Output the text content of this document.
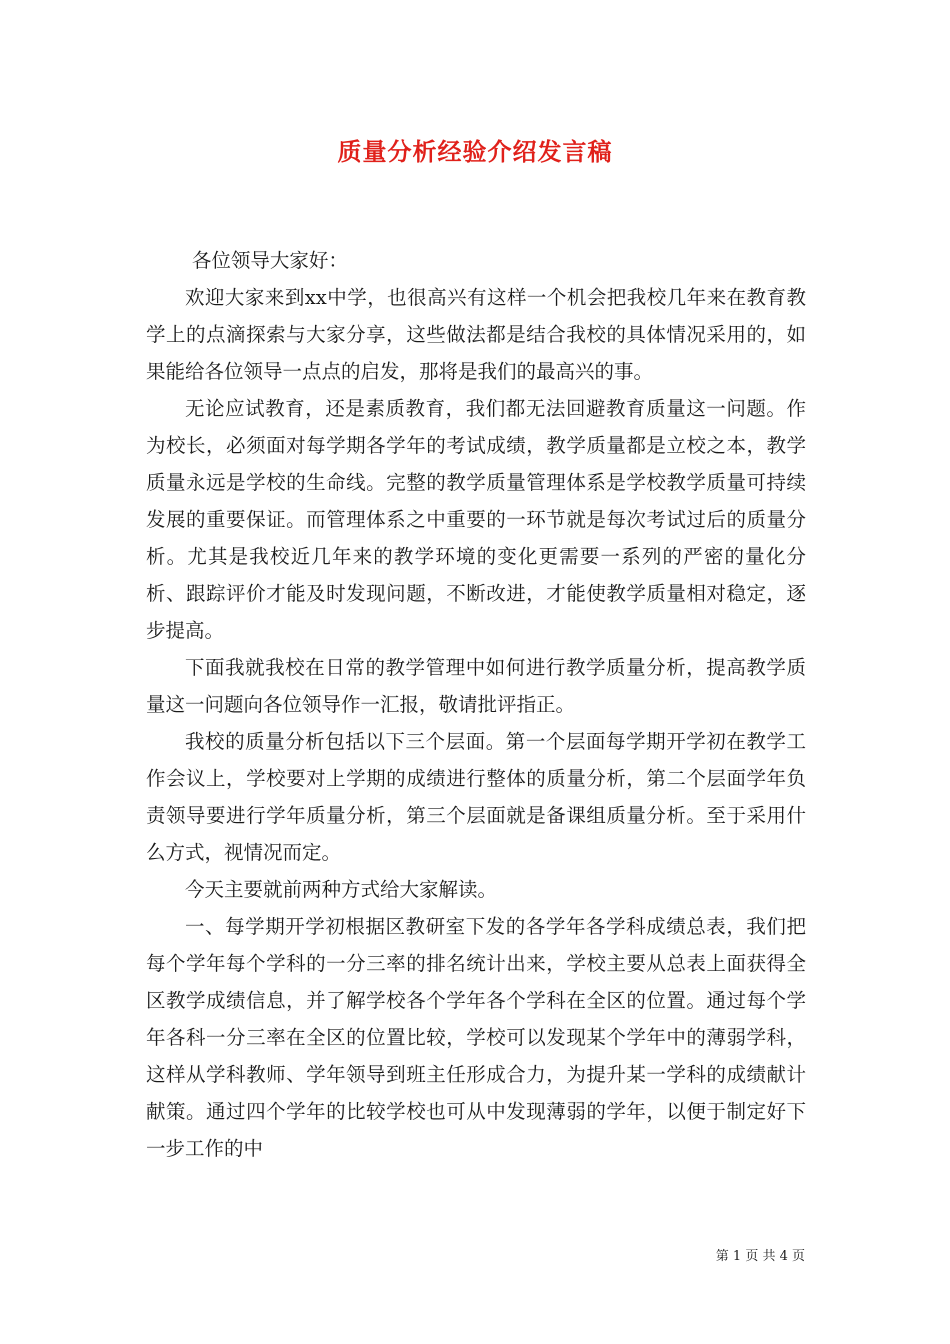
质量分析经验介绍发言稿

各位领导大家好：

欢迎大家来到xx中学，也很高兴有这样一个机会把我校几年来在教育教学上的点滴探索与大家分享，这些做法都是结合我校的具体情况采用的，如果能给各位领导一点点的启发，那将是我们的最高兴的事。

无论应试教育，还是素质教育，我们都无法回避教育质量这一问题。作为校长，必须面对每学期各学年的考试成绩，教学质量都是立校之本，教学质量永远是学校的生命线。完整的教学质量管理体系是学校教学质量可持续发展的重要保证。而管理体系之中重要的一环节就是每次考试过后的质量分析。尤其是我校近几年来的教学环境的变化更需要一系列的严密的量化分析、跟踪评价才能及时发现问题，不断改进，才能使教学质量相对稳定，逐步提高。

下面我就我校在日常的教学管理中如何进行教学质量分析，提高教学质量这一问题向各位领导作一汇报，敬请批评指正。

我校的质量分析包括以下三个层面。第一个层面每学期开学初在教学工作会议上，学校要对上学期的成绩进行整体的质量分析，第二个层面学年负责领导要进行学年质量分析，第三个层面就是备课组质量分析。至于采用什么方式，视情况而定。

今天主要就前两种方式给大家解读。

一、每学期开学初根据区教研室下发的各学年各学科成绩总表，我们把每个学年每个学科的一分三率的排名统计出来，学校主要从总表上面获得全区教学成绩信息，并了解学校各个学年各个学科在全区的位置。通过每个学年各科一分三率在全区的位置比较，学校可以发现某个学年中的薄弱学科，这样从学科教师、学年领导到班主任形成合力，为提升某一学科的成绩献计献策。通过四个学年的比较学校也可从中发现薄弱的学年，以便于制定好下一步工作的中

第 1 页 共 4 页
